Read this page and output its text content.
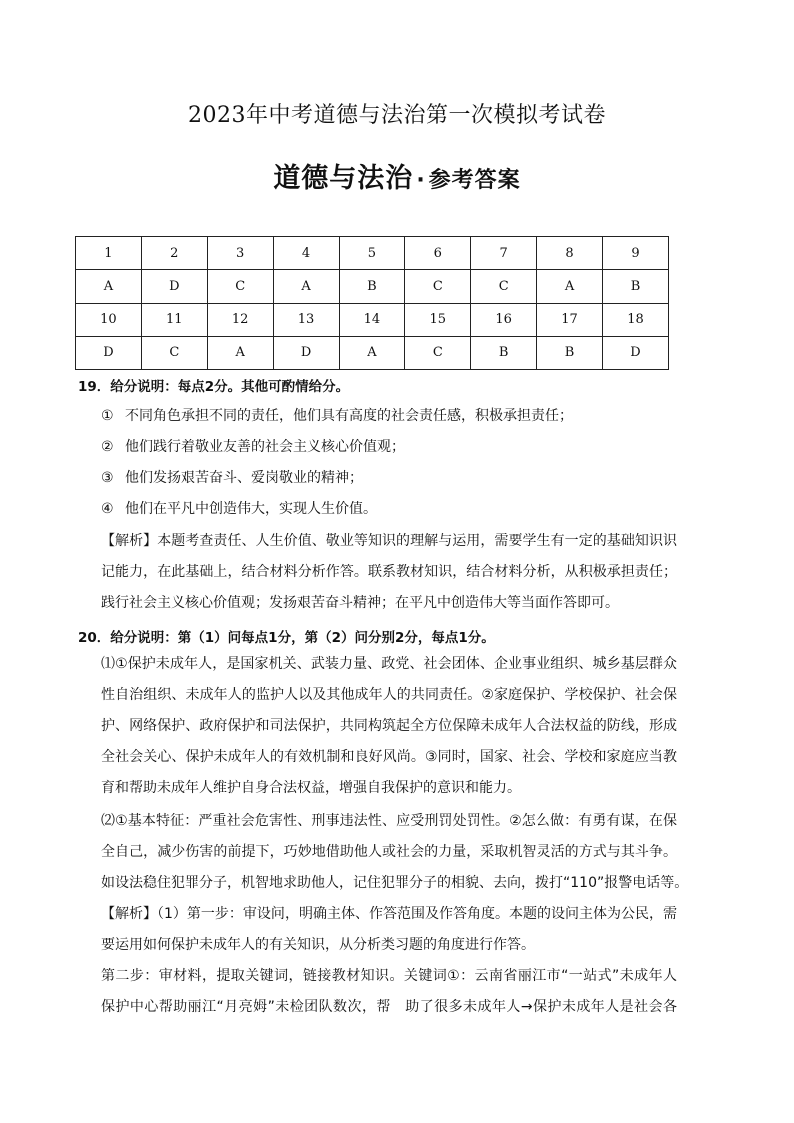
2023年中考道德与法治第一次模拟考试卷
道德与法治 · 参考答案
1	2	3	4	5	6	7	8	9
A	D	C	A	B	C	C	A	B
10	11	12	13	14	15	16	17	18
D	C	A	D	A	C	B	B	D
19．给分说明：每点2分。其他可酌情给分。
① 不同角色承担不同的责任，他们具有高度的社会责任感，积极承担责任；
② 他们践行着敬业友善的社会主义核心价值观；
③ 他们发扬艰苦奋斗、爱岗敬业的精神；
④ 他们在平凡中创造伟大，实现人生价值。
【解析】本题考查责任、人生价值、敬业等知识的理解与运用，需要学生有一定的基础知识识
记能力，在此基础上，结合材料分析作答。联系教材知识，结合材料分析，从积极承担责任；
践行社会主义核心价值观；发扬艰苦奋斗精神；在平凡中创造伟大等当面作答即可。
20．给分说明：第（1）问每点1分，第（2）问分别2分，每点1分。
⑴①保护未成年人，是国家机关、武装力量、政党、社会团体、企业事业组织、城乡基层群众
性自治组织、未成年人的监护人以及其他成年人的共同责任。②家庭保护、学校保护、社会保
护、网络保护、政府保护和司法保护，共同构筑起全方位保障未成年人合法权益的防线，形成
全社会关心、保护未成年人的有效机制和良好风尚。③同时，国家、社会、学校和家庭应当教
育和帮助未成年人维护自身合法权益，增强自我保护的意识和能力。
⑵①基本特征：严重社会危害性、刑事违法性、应受刑罚处罚性。②怎么做：有勇有谋，在保
全自己，减少伤害的前提下，巧妙地借助他人或社会的力量，采取机智灵活的方式与其斗争。
如设法稳住犯罪分子，机智地求助他人，记住犯罪分子的相貌、去向，拨打“110”报警电话等。
【解析】（1）第一步：审设问，明确主体、作答范围及作答角度。本题的设问主体为公民，需
要运用如何保护未成年人的有关知识，从分析类习题的角度进行作答。
第二步：审材料，提取关键词，链接教材知识。关键词①：云南省丽江市“一站式”未成年人
保护中心帮助丽江“月亮姆”未检团队数次，帮　助了很多未成年人→保护未成年人是社会各
